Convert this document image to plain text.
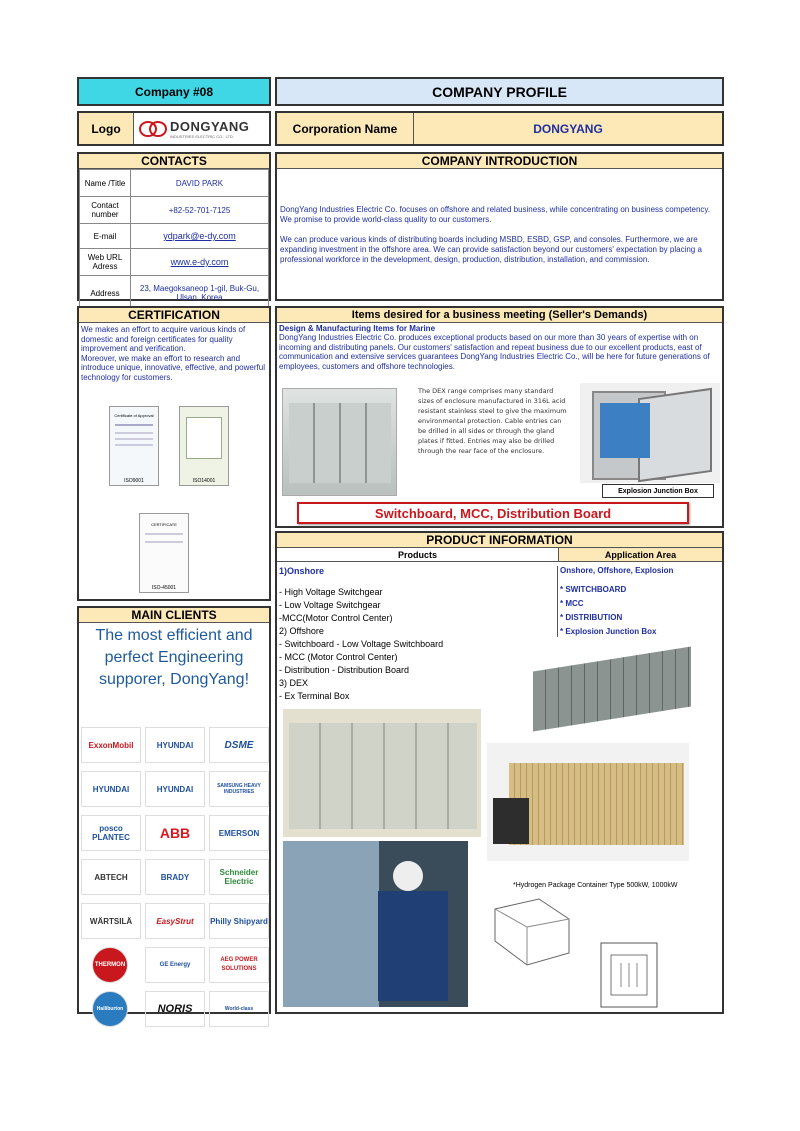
Company #08	COMPANY PROFILE
Logo	DONGYANG
INDUSTRIES ELECTRIC CO., LTD.
Corporation Name	DONGYANG
CONTACTS
Name /Title	DAVID PARK
Contact number	+82-52-701-7125
E-mail	ydpark@e-dy.com
Web URL Adress	www.e-dy.com
Address	23, Maegoksaneop 1-gil, Buk-Gu, Ulsan, Korea
COMPANY INTRODUCTION
DongYang Industries Electric Co. focuses on offshore and related business, while concentrating on business competency. We promise to provide world-class quality to our customers.
We can produce various kinds of distributing boards including MSBD, ESBD, GSP, and consoles. Furthermore, we are expanding investment in the offshore area. We can provide satisfaction beyond our customers' expectation by placing a professional workforce in the development, design, production, distribution, installation, and commission.
CERTIFICATION
We makes an effort to acquire various kinds of domestic and foreign certificates for quality improvement and verification.
Moreover, we make an effort to research and introduce unique, innovative, effective, and powerful technology for customers.
Certificate of Approval
ISO9001	ISO14001
CERTIFICATE
ISO-45001
Items desired for a business meeting (Seller's Demands)
Design & Manufacturing Items for Marine
DongYang Industries Electric Co. produces exceptional products based on our more than 30 years of expertise with on incoming and distributing panels. Our customers' satisfaction and repeat business due to our excellent products, east of communication and extensive services guarantees DongYang Industries Electric Co., will be here for future generations of employees, customers and offshore technologies.
The DEX range comprises many standard sizes of enclosure manufactured in 316L acid resistant stainless steel to give the maximum environmental protection. Cable entries can be drilled in all sides or through the gland plates if fitted. Entries may also be drilled through the rear face of the enclosure.
Explosion Junction Box
Switchboard, MCC, Distribution Board
PRODUCT INFORMATION
Products	Application Area
1)Onshore
- High Voltage Switchgear
- Low Voltage Switchgear
-MCC(Motor Control Center)
2) Offshore
- Switchboard - Low Voltage Switchboard
- MCC (Motor Control Center)
- Distribution - Distribution Board
3) DEX
- Ex Terminal Box
Onshore, Offshore, Explosion
* SWITCHBOARD
* MCC
* DISTRIBUTION
* Explosion Junction Box
*Hydrogen Package Container Type 500kW, 1000kW
MAIN CLIENTS
The most efficient and perfect Engineering supporer, DongYang!
ExxonMobil	HYUNDAI	DSME
HYUNDAI	HYUNDAI	SAMSUNG HEAVY INDUSTRIES
posco PLANTEC	ABB	EMERSON
ABTECH	BRADY	Schneider Electric
WÄRTSILÄ	EasyStrut	Philly Shipyard
THERMON	GE Energy
AEG POWER SOLUTIONS
Halliburton	NORIS	World-class
